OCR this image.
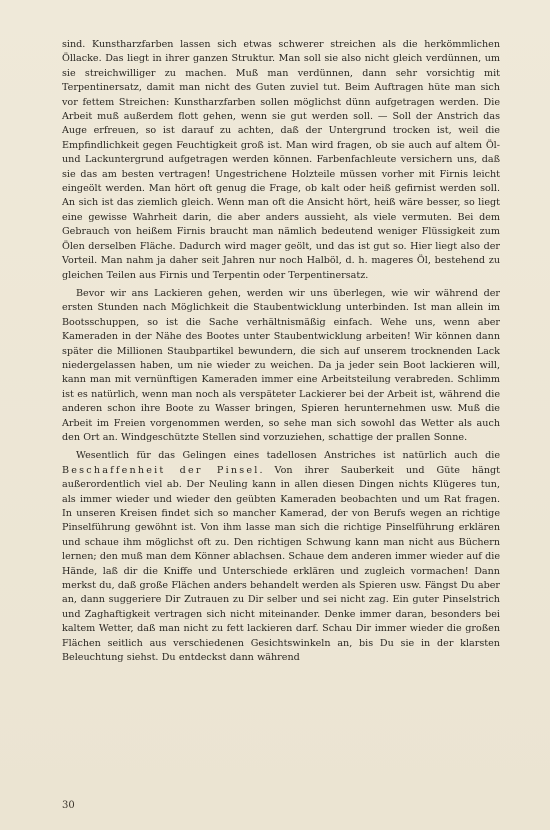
sind. Kunstharzfarben lassen sich etwas schwerer streichen als die herkömmlichen Öllacke. Das liegt in ihrer ganzen Struktur. Man soll sie also nicht gleich verdünnen, um sie streichwilliger zu machen. Muß man verdünnen, dann sehr vorsichtig mit Terpentinersatz, damit man nicht des Guten zuviel tut. Beim Auftragen hüte man sich vor fettem Streichen: Kunstharzfarben sollen möglichst dünn aufgetragen werden. Die Arbeit muß außerdem flott gehen, wenn sie gut werden soll. — Soll der Anstrich das Auge erfreuen, so ist darauf zu achten, daß der Untergrund trocken ist, weil die Empfindlichkeit gegen Feuchtigkeit groß ist. Man wird fragen, ob sie auch auf altem Öl- und Lackuntergrund aufgetragen werden können. Farbenfachleute versichern uns, daß sie das am besten vertragen! Ungestrichene Holzteile müssen vorher mit Firnis leicht eingeölt werden. Man hört oft genug die Frage, ob kalt oder heiß gefirnist werden soll. An sich ist das ziemlich gleich. Wenn man oft die Ansicht hört, heiß wäre besser, so liegt eine gewisse Wahrheit darin, die aber anders aussieht, als viele vermuten. Bei dem Gebrauch von heißem Firnis braucht man nämlich bedeutend weniger Flüssigkeit zum Ölen derselben Fläche. Dadurch wird mager geölt, und das ist gut so. Hier liegt also der Vorteil. Man nahm ja daher seit Jahren nur noch Halböl, d. h. mageres Öl, bestehend zu gleichen Teilen aus Firnis und Terpentin oder Terpentinersatz.

Bevor wir ans Lackieren gehen, werden wir uns überlegen, wie wir während der ersten Stunden nach Möglichkeit die Staubentwicklung unterbinden. Ist man allein im Bootsschuppen, so ist die Sache verhältnismäßig einfach. Wehe uns, wenn aber Kameraden in der Nähe des Bootes unter Staubentwicklung arbeiten! Wir können dann später die Millionen Staubpartikel bewundern, die sich auf unserem trocknenden Lack niedergelassen haben, um nie wieder zu weichen. Da ja jeder sein Boot lackieren will, kann man mit vernünftigen Kameraden immer eine Arbeitsteilung verabreden. Schlimm ist es natürlich, wenn man noch als verspäteter Lackierer bei der Arbeit ist, während die anderen schon ihre Boote zu Wasser bringen, Spieren herunternehmen usw. Muß die Arbeit im Freien vorgenommen werden, so sehe man sich sowohl das Wetter als auch den Ort an. Windgeschützte Stellen sind vorzuziehen, schattige der prallen Sonne.

Wesentlich für das Gelingen eines tadellosen Anstriches ist natürlich auch die Beschaffenheit der Pinsel. Von ihrer Sauberkeit und Güte hängt außerordentlich viel ab. Der Neuling kann in allen diesen Dingen nichts Klügeres tun, als immer wieder und wieder den geübten Kameraden beobachten und um Rat fragen. In unseren Kreisen findet sich so mancher Kamerad, der von Berufs wegen an richtige Pinselführung gewöhnt ist. Von ihm lasse man sich die richtige Pinselführung erklären und schaue ihm möglichst oft zu. Den richtigen Schwung kann man nicht aus Büchern lernen; den muß man dem Könner ablachsen. Schaue dem anderen immer wieder auf die Hände, laß dir die Kniffe und Unterschiede erklären und zugleich vormachen! Dann merkst du, daß große Flächen anders behandelt werden als Spieren usw. Fängst Du aber an, dann suggeriere Dir Zutrauen zu Dir selber und sei nicht zag. Ein guter Pinselstrich und Zaghaftigkeit vertragen sich nicht miteinander. Denke immer daran, besonders bei kaltem Wetter, daß man nicht zu fett lackieren darf. Schau Dir immer wieder die großen Flächen seitlich aus verschiedenen Gesichtswinkeln an, bis Du sie in der klarsten Beleuchtung siehst. Du entdeckst dann während

30
